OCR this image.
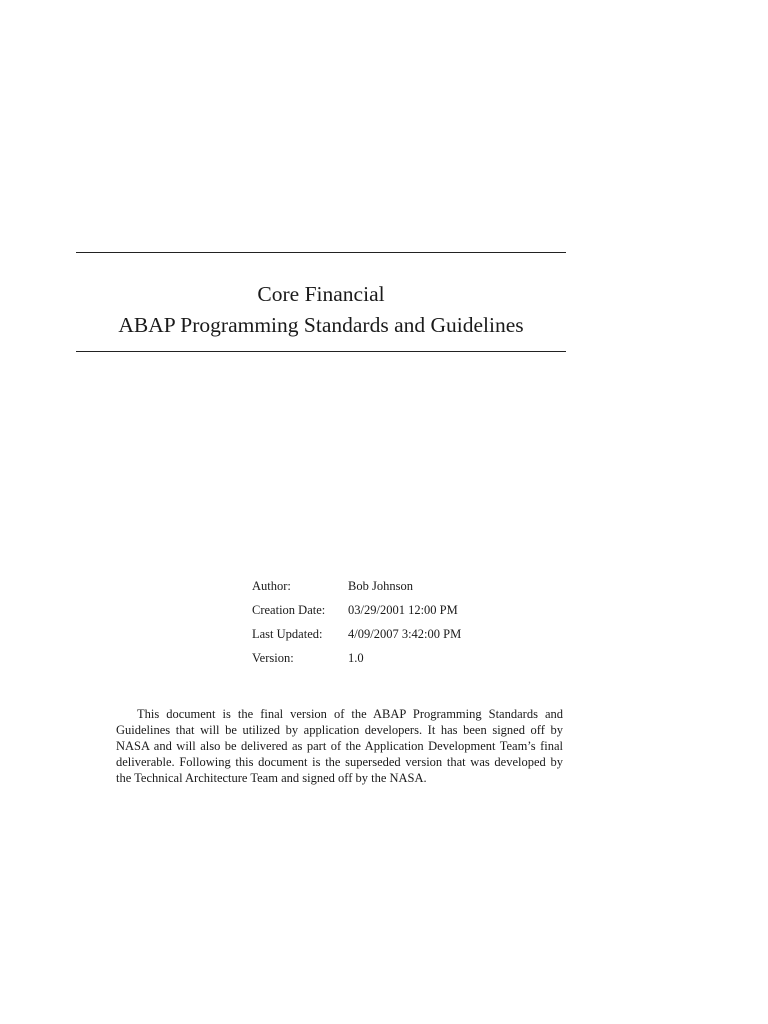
Core Financial
ABAP Programming Standards and Guidelines
Author:	Bob Johnson
Creation Date:	03/29/2001 12:00 PM
Last Updated:	4/09/2007 3:42:00 PM
Version:	1.0

This document is the final version of the ABAP Programming Standards and Guidelines that will be utilized by application developers. It has been signed off by NASA and will also be delivered as part of the Application Development Team’s final deliverable. Following this document is the superseded version that was developed by the Technical Architecture Team and signed off by the NASA.
